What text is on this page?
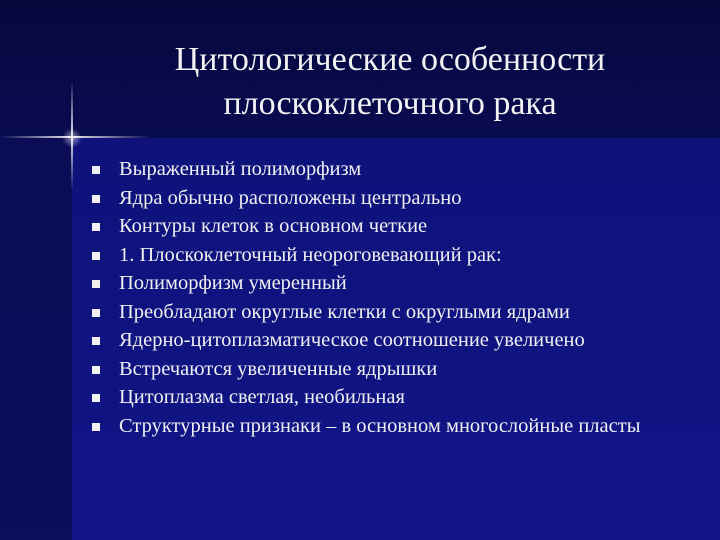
Цитологические особенности
плоскоклеточного рака
Выраженный полиморфизм
Ядра обычно расположены центрально
Контуры клеток в основном четкие
1. Плоскоклеточный неороговевающий рак:
Полиморфизм умеренный
Преобладают округлые клетки с округлыми ядрами
Ядерно-цитоплазматическое соотношение увеличено
Встречаются увеличенные ядрышки
Цитоплазма светлая, необильная
Структурные признаки – в основном многослойные пласты
